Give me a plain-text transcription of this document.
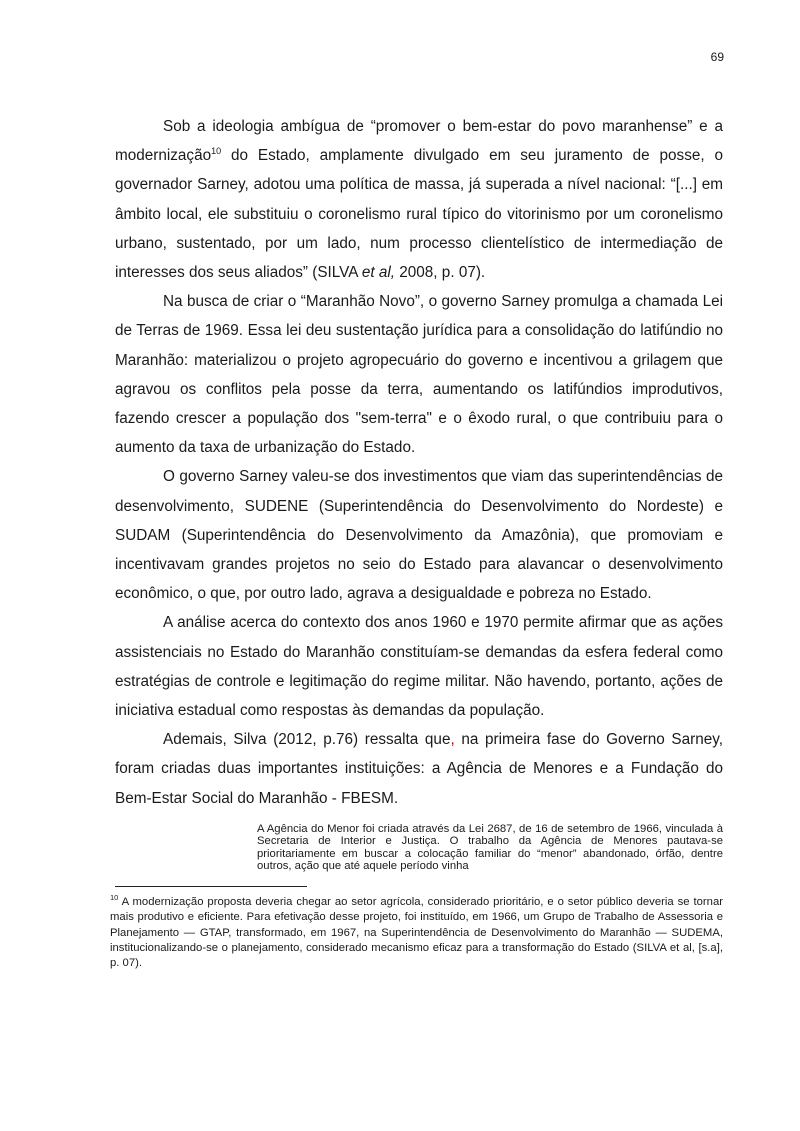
69

Sob a ideologia ambígua de “promover o bem-estar do povo maranhense” e a modernização$^{10}$ do Estado, amplamente divulgado em seu juramento de posse, o governador Sarney, adotou uma política de massa, já superada a nível nacional: “[...] em âmbito local, ele substituiu o coronelismo rural típico do vitorinismo por um coronelismo urbano, sustentado, por um lado, num processo clientelístico de intermediação de interesses dos seus aliados” (SILVA et al, 2008, p. 07).

Na busca de criar o “Maranhão Novo”, o governo Sarney promulga a chamada Lei de Terras de 1969. Essa lei deu sustentação jurídica para a consolidação do latifúndio no Maranhão: materializou o projeto agropecuário do governo e incentivou a grilagem que agravou os conflitos pela posse da terra, aumentando os latifúndios improdutivos, fazendo crescer a população dos "sem-terra" e o êxodo rural, o que contribuiu para o aumento da taxa de urbanização do Estado.

O governo Sarney valeu-se dos investimentos que viam das superintendências de desenvolvimento, SUDENE (Superintendência do Desenvolvimento do Nordeste) e SUDAM (Superintendência do Desenvolvimento da Amazônia), que promoviam e incentivavam grandes projetos no seio do Estado para alavancar o desenvolvimento econômico, o que, por outro lado, agrava a desigualdade e pobreza no Estado.

A análise acerca do contexto dos anos 1960 e 1970 permite afirmar que as ações assistenciais no Estado do Maranhão constituíam-se demandas da esfera federal como estratégias de controle e legitimação do regime militar. Não havendo, portanto, ações de iniciativa estadual como respostas às demandas da população.

Ademais, Silva (2012, p.76) ressalta que, na primeira fase do Governo Sarney, foram criadas duas importantes instituições: a Agência de Menores e a Fundação do Bem-Estar Social do Maranhão - FBESM.

A Agência do Menor foi criada através da Lei 2687, de 16 de setembro de 1966, vinculada à Secretaria de Interior e Justiça. O trabalho da Agência de Menores pautava-se prioritariamente em buscar a colocação familiar do “menor” abandonado, órfão, dentre outros, ação que até aquele período vinha

$^{10}$ A modernização proposta deveria chegar ao setor agrícola, considerado prioritário, e o setor público deveria se tornar mais produtivo e eficiente. Para efetivação desse projeto, foi instituído, em 1966, um Grupo de Trabalho de Assessoria e Planejamento — GTAP, transformado, em 1967, na Superintendência de Desenvolvimento do Maranhão — SUDEMA, institucionalizando-se o planejamento, considerado mecanismo eficaz para a transformação do Estado (SILVA et al, [s.a], p. 07).
